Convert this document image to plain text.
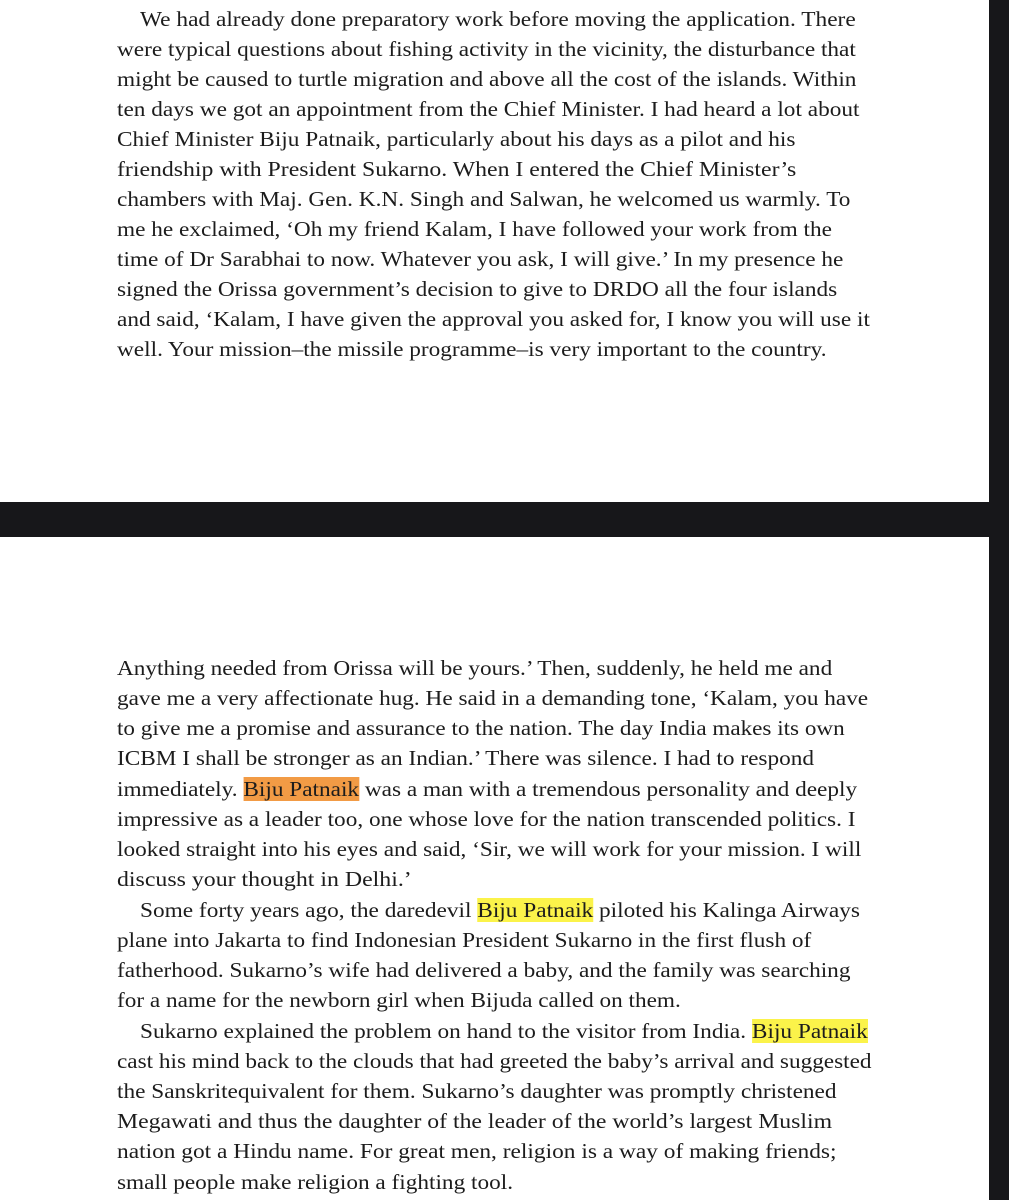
We had already done preparatory work before moving the application. There
were typical questions about fishing activity in the vicinity, the disturbance that
might be caused to turtle migration and above all the cost of the islands. Within
ten days we got an appointment from the Chief Minister. I had heard a lot about
Chief Minister Biju Patnaik, particularly about his days as a pilot and his
friendship with President Sukarno. When I entered the Chief Minister’s
chambers with Maj. Gen. K.N. Singh and Salwan, he welcomed us warmly. To
me he exclaimed, ‘Oh my friend Kalam, I have followed your work from the
time of Dr Sarabhai to now. Whatever you ask, I will give.’ In my presence he
signed the Orissa government’s decision to give to DRDO all the four islands
and said, ‘Kalam, I have given the approval you asked for, I know you will use it
well. Your mission–the missile programme–is very important to the country.
Anything needed from Orissa will be yours.’ Then, suddenly, he held me and
gave me a very affectionate hug. He said in a demanding tone, ‘Kalam, you have
to give me a promise and assurance to the nation. The day India makes its own
ICBM I shall be stronger as an Indian.’ There was silence. I had to respond
immediately. Biju Patnaik was a man with a tremendous personality and deeply
impressive as a leader too, one whose love for the nation transcended politics. I
looked straight into his eyes and said, ‘Sir, we will work for your mission. I will
discuss your thought in Delhi.’
Some forty years ago, the daredevil Biju Patnaik piloted his Kalinga Airways
plane into Jakarta to find Indonesian President Sukarno in the first flush of
fatherhood. Sukarno’s wife had delivered a baby, and the family was searching
for a name for the newborn girl when Bijuda called on them.
Sukarno explained the problem on hand to the visitor from India. Biju Patnaik
cast his mind back to the clouds that had greeted the baby’s arrival and suggested
the Sanskritequivalent for them. Sukarno’s daughter was promptly christened
Megawati and thus the daughter of the leader of the world’s largest Muslim
nation got a Hindu name. For great men, religion is a way of making friends;
small people make religion a fighting tool.
